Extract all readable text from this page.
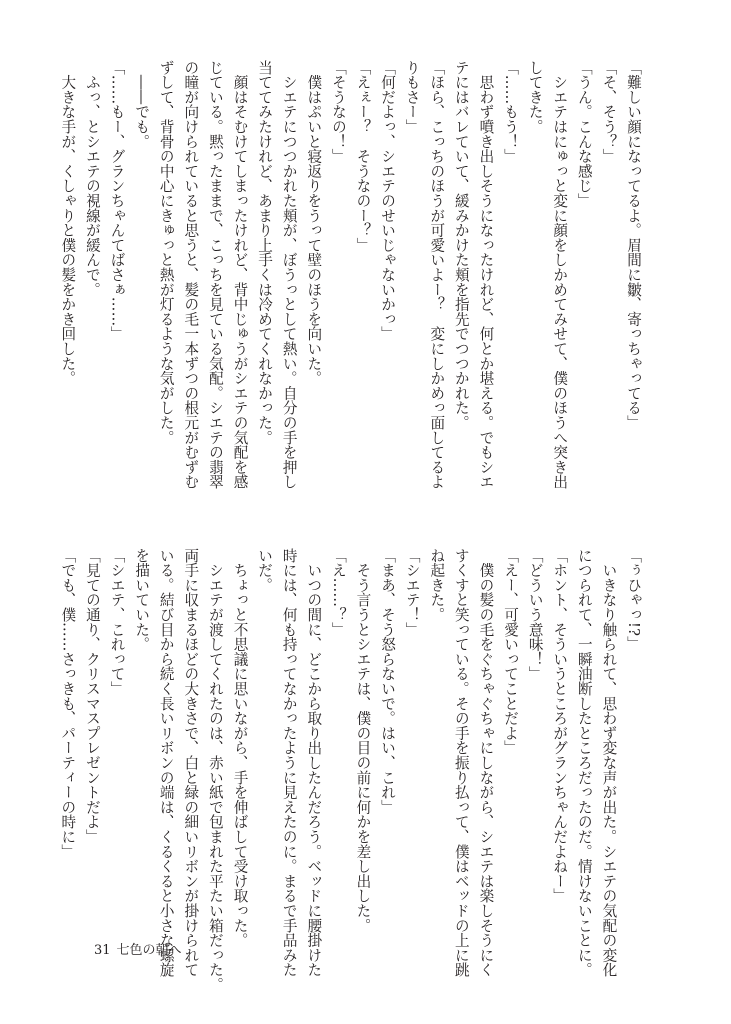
「難しい顔になってるよ。眉間に皺、寄っちゃってる」
「そ、そう？」
「うん。こんな感じ」
　シエテはにゅっと変に顔をしかめてみせて、僕のほうへ突き出
してきた。
「……もう！」
　思わず噴き出しそうになったけれど、何とか堪える。でもシエ
テにはバレていて、緩みかけた頬を指先でつつかれた。
「ほら、こっちのほうが可愛いよー？　変にしかめっ面してるよ
りもさー」
「何だよっ、シエテのせいじゃないかっ」
「えぇー？　そうなのー？」
「そうなの！」
　僕はぷいと寝返りをうって壁のほうを向いた。
　シエテにつつかれた頬が、ぼうっとして熱い。自分の手を押し
当ててみたけれど、あまり上手くは冷めてくれなかった。
　顔はそむけてしまったけれど、背中じゅうがシエテの気配を感
じている。黙ったままで、こっちを見ている気配。シエテの翡翠
の瞳が向けられていると思うと、髪の毛一本ずつの根元がむずむ
ずして、背骨の中心にきゅっと熱が灯るような気がした。
　――でも。
「……もー、グランちゃんてばさぁ……」
　ふっ、とシエテの視線が緩んで。
　大きな手が、くしゃりと僕の髪をかき回した。
「ぅひゃっ!?」
　いきなり触られて、思わず変な声が出た。シエテの気配の変化
につられて、一瞬油断したところだったのだ。情けないことに。
「ホント、そういうところがグランちゃんだよねー」
「どういう意味！」
「えー、可愛いってことだよ」
　僕の髪の毛をぐちゃぐちゃにしながら、シエテは楽しそうにく
すくすと笑っている。その手を振り払って、僕はベッドの上に跳
ね起きた。
「シエテ！」
「まあ、そう怒らないで。はい、これ」
　そう言うとシエテは、僕の目の前に何かを差し出した。
「え……？」
　いつの間に、どこから取り出したんだろう。ベッドに腰掛けた
時には、何も持ってなかったように見えたのに。まるで手品みた
いだ。
　ちょっと不思議に思いながら、手を伸ばして受け取った。
　シエテが渡してくれたのは、赤い紙で包まれた平たい箱だった。
両手に収まるほどの大きさで、白と緑の細いリボンが掛けられて
いる。結び目から続く長いリボンの端は、くるくると小さな螺旋
を描いていた。
「シエテ、これって」
「見ての通り、クリスマスプレゼントだよ」
「でも、僕……さっきも、パーティーの時に」
31 七色の朝へ
